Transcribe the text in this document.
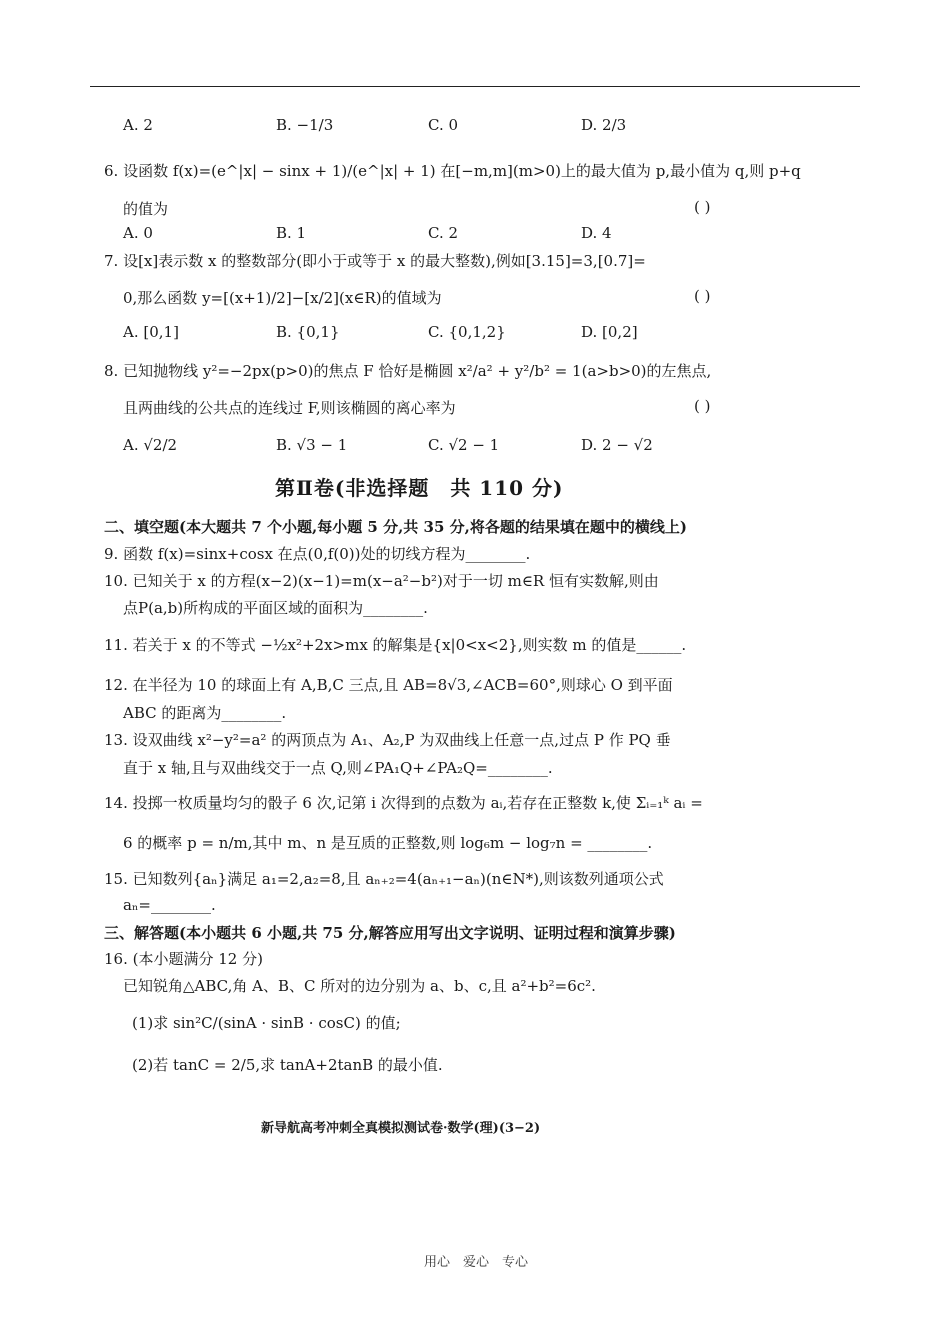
A. 2	B. −1/3	C. 0	D. 2/3
6. 设函数 f(x)=(e^|x| − sinx + 1)/(e^|x| + 1) 在[−m,m](m>0)上的最大值为 p,最小值为 q,则 p+q
的值为	( )
A. 0	B. 1	C. 2	D. 4
7. 设[x]表示数 x 的整数部分(即小于或等于 x 的最大整数),例如[3.15]=3,[0.7]=
0,那么函数 y=[(x+1)/2]−[x/2](x∈R)的值域为	( )
A. [0,1]	B. {0,1}	C. {0,1,2}	D. [0,2]
8. 已知抛物线 y²=−2px(p>0)的焦点 F 恰好是椭圆 x²/a² + y²/b² = 1(a>b>0)的左焦点,
且两曲线的公共点的连线过 F,则该椭圆的离心率为	( )
A. √2/2	B. √3 − 1	C. √2 − 1	D. 2 − √2
第Ⅱ卷(非选择题　共 110 分)
二、填空题(本大题共 7 个小题,每小题 5 分,共 35 分,将各题的结果填在题中的横线上)
9. 函数 f(x)=sinx+cosx 在点(0,f(0))处的切线方程为________.
10. 已知关于 x 的方程(x−2)(x−1)=m(x−a²−b²)对于一切 m∈R 恒有实数解,则由
点P(a,b)所构成的平面区域的面积为________.
11. 若关于 x 的不等式 −½x²+2x>mx 的解集是{x|0<x<2},则实数 m 的值是______.
12. 在半径为 10 的球面上有 A,B,C 三点,且 AB=8√3,∠ACB=60°,则球心 O 到平面
ABC 的距离为________.
13. 设双曲线 x²−y²=a² 的两顶点为 A₁、A₂,P 为双曲线上任意一点,过点 P 作 PQ 垂
直于 x 轴,且与双曲线交于一点 Q,则∠PA₁Q+∠PA₂Q=________.
14. 投掷一枚质量均匀的骰子 6 次,记第 i 次得到的点数为 aᵢ,若存在正整数 k,使 Σᵢ₌₁ᵏ aᵢ =
6 的概率 p = n/m,其中 m、n 是互质的正整数,则 log₆m − log₇n = ________.
15. 已知数列{aₙ}满足 a₁=2,a₂=8,且 aₙ₊₂=4(aₙ₊₁−aₙ)(n∈N*),则该数列通项公式
aₙ=________.
三、解答题(本小题共 6 小题,共 75 分,解答应用写出文字说明、证明过程和演算步骤)
16. (本小题满分 12 分)
已知锐角△ABC,角 A、B、C 所对的边分别为 a、b、c,且 a²+b²=6c².
(1)求 sin²C/(sinA · sinB · cosC) 的值;
(2)若 tanC = 2/5,求 tanA+2tanB 的最小值.
新导航高考冲刺全真模拟测试卷·数学(理)(3−2)
用心　爱心　专心
